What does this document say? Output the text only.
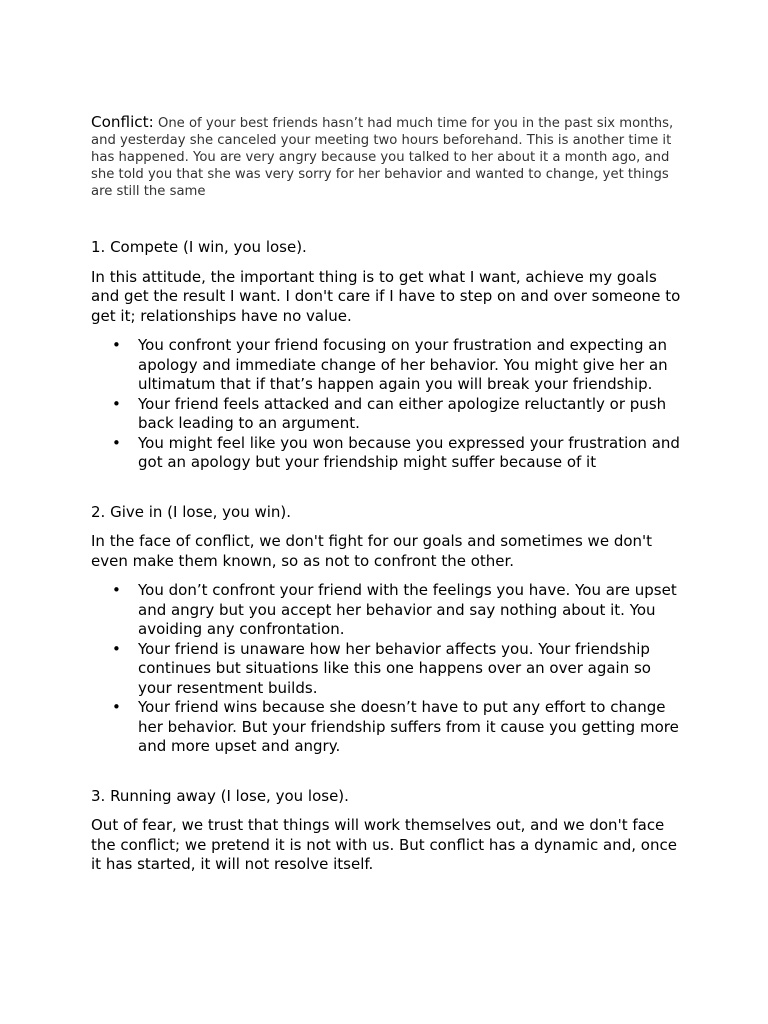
Conflict: One of your best friends hasn’t had much time for you in the past six months, and yesterday she canceled your meeting two hours beforehand. This is another time it has happened. You are very angry because you talked to her about it a month ago, and she told you that she was very sorry for her behavior and wanted to change, yet things are still the same

1. Compete (I win, you lose).

In this attitude, the important thing is to get what I want, achieve my goals and get the result I want. I don't care if I have to step on and over someone to get it; relationships have no value.

• You confront your friend focusing on your frustration and expecting an apology and immediate change of her behavior. You might give her an ultimatum that if that’s happen again you will break your friendship.
• Your friend feels attacked and can either apologize reluctantly or push back leading to an argument.
• You might feel like you won because you expressed your frustration and got an apology but your friendship might suffer because of it

2. Give in (I lose, you win).

In the face of conflict, we don't fight for our goals and sometimes we don't even make them known, so as not to confront the other.

• You don’t confront your friend with the feelings you have. You are upset and angry but you accept her behavior and say nothing about it. You avoiding any confrontation.
• Your friend is unaware how her behavior affects you. Your friendship continues but situations like this one happens over an over again so your resentment builds.
• Your friend wins because she doesn’t have to put any effort to change her behavior. But your friendship suffers from it cause you getting more and more upset and angry.

3. Running away (I lose, you lose).

Out of fear, we trust that things will work themselves out, and we don't face the conflict; we pretend it is not with us. But conflict has a dynamic and, once it has started, it will not resolve itself.
